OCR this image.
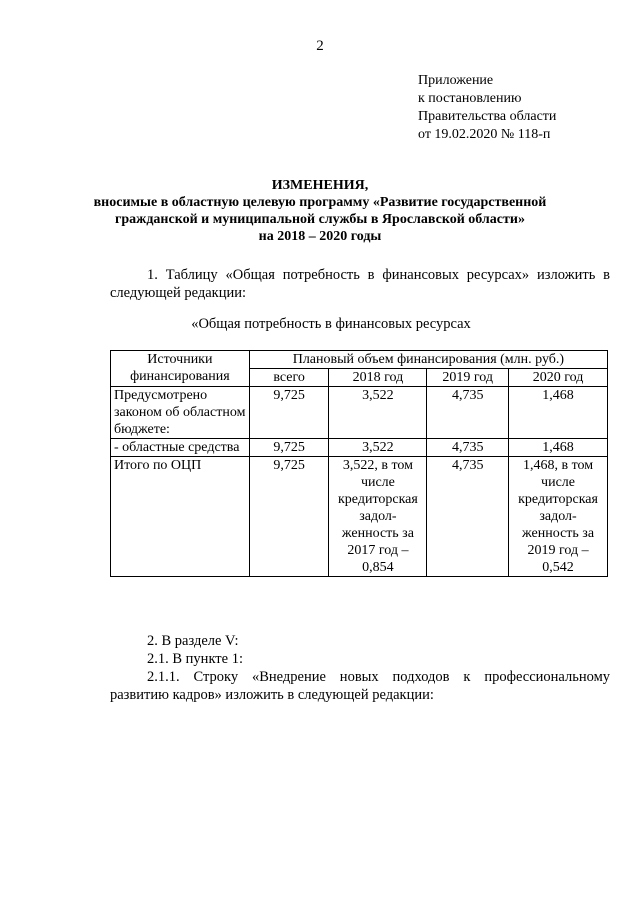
2
Приложение
к постановлению
Правительства области
от 19.02.2020 № 118-п
ИЗМЕНЕНИЯ,
вносимые в областную целевую программу «Развитие государственной
гражданской и муниципальной службы в Ярославской области»
на 2018 – 2020 годы
1. Таблицу «Общая потребность в финансовых ресурсах» изложить в следующей редакции:
«Общая потребность в финансовых ресурсах
Источники финансирования	Плановый объем финансирования (млн. руб.)			
	всего	2018 год	2019 год	2020 год
Предусмотрено законом об областном бюджете:	9,725	3,522	4,735	1,468
- областные средства	9,725	3,522	4,735	1,468
Итого по ОЦП	9,725	3,522, в том числе кредиторская задол-женность за 2017 год – 0,854	4,735	1,468, в том числе кредиторская задол-женность за 2019 год – 0,542
2. В разделе V:
2.1. В пункте 1:
2.1.1. Строку «Внедрение новых подходов к профессиональному развитию кадров» изложить в следующей редакции:
